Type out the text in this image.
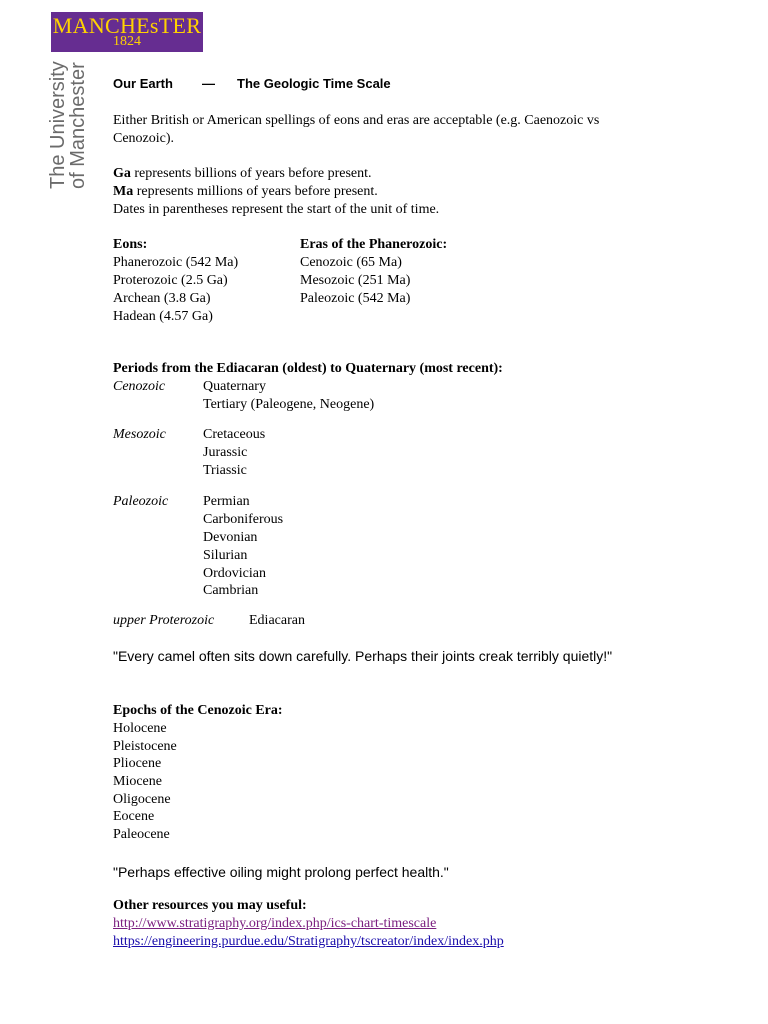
MANCHEsTER
1824
The University
of Manchester Our Earth — The Geologic Time Scale
Either British or American spellings of eons and eras are acceptable (e.g. Caenozoic vs
Cenozoic).
Ga represents billions of years before present.
Ma represents millions of years before present.
Dates in parentheses represent the start of the unit of time.
Eons:
Phanerozoic (542 Ma)
Proterozoic (2.5 Ga)
Archean (3.8 Ga)
Hadean (4.57 Ga)
Eras of the Phanerozoic:
Cenozoic (65 Ma)
Mesozoic (251 Ma)
Paleozoic (542 Ma)
Periods from the Ediacaran (oldest) to Quaternary (most recent):
Cenozoic	Quaternary
Tertiary (Paleogene, Neogene)
Mesozoic	Cretaceous
Jurassic
Triassic
Paleozoic Permian
Carboniferous
Devonian
Silurian
Ordovician
Cambrian
upper Proterozoic Ediacaran
"Every camel often sits down carefully. Perhaps their joints creak terribly quietly!"
Epochs of the Cenozoic Era:
Holocene
Pleistocene
Pliocene
Miocene
Oligocene
Eocene
Paleocene
"Perhaps effective oiling might prolong perfect health."
Other resources you may useful:
http://www.stratigraphy.org/index.php/ics-chart-timescale
https://engineering.purdue.edu/Stratigraphy/tscreator/index/index.php
